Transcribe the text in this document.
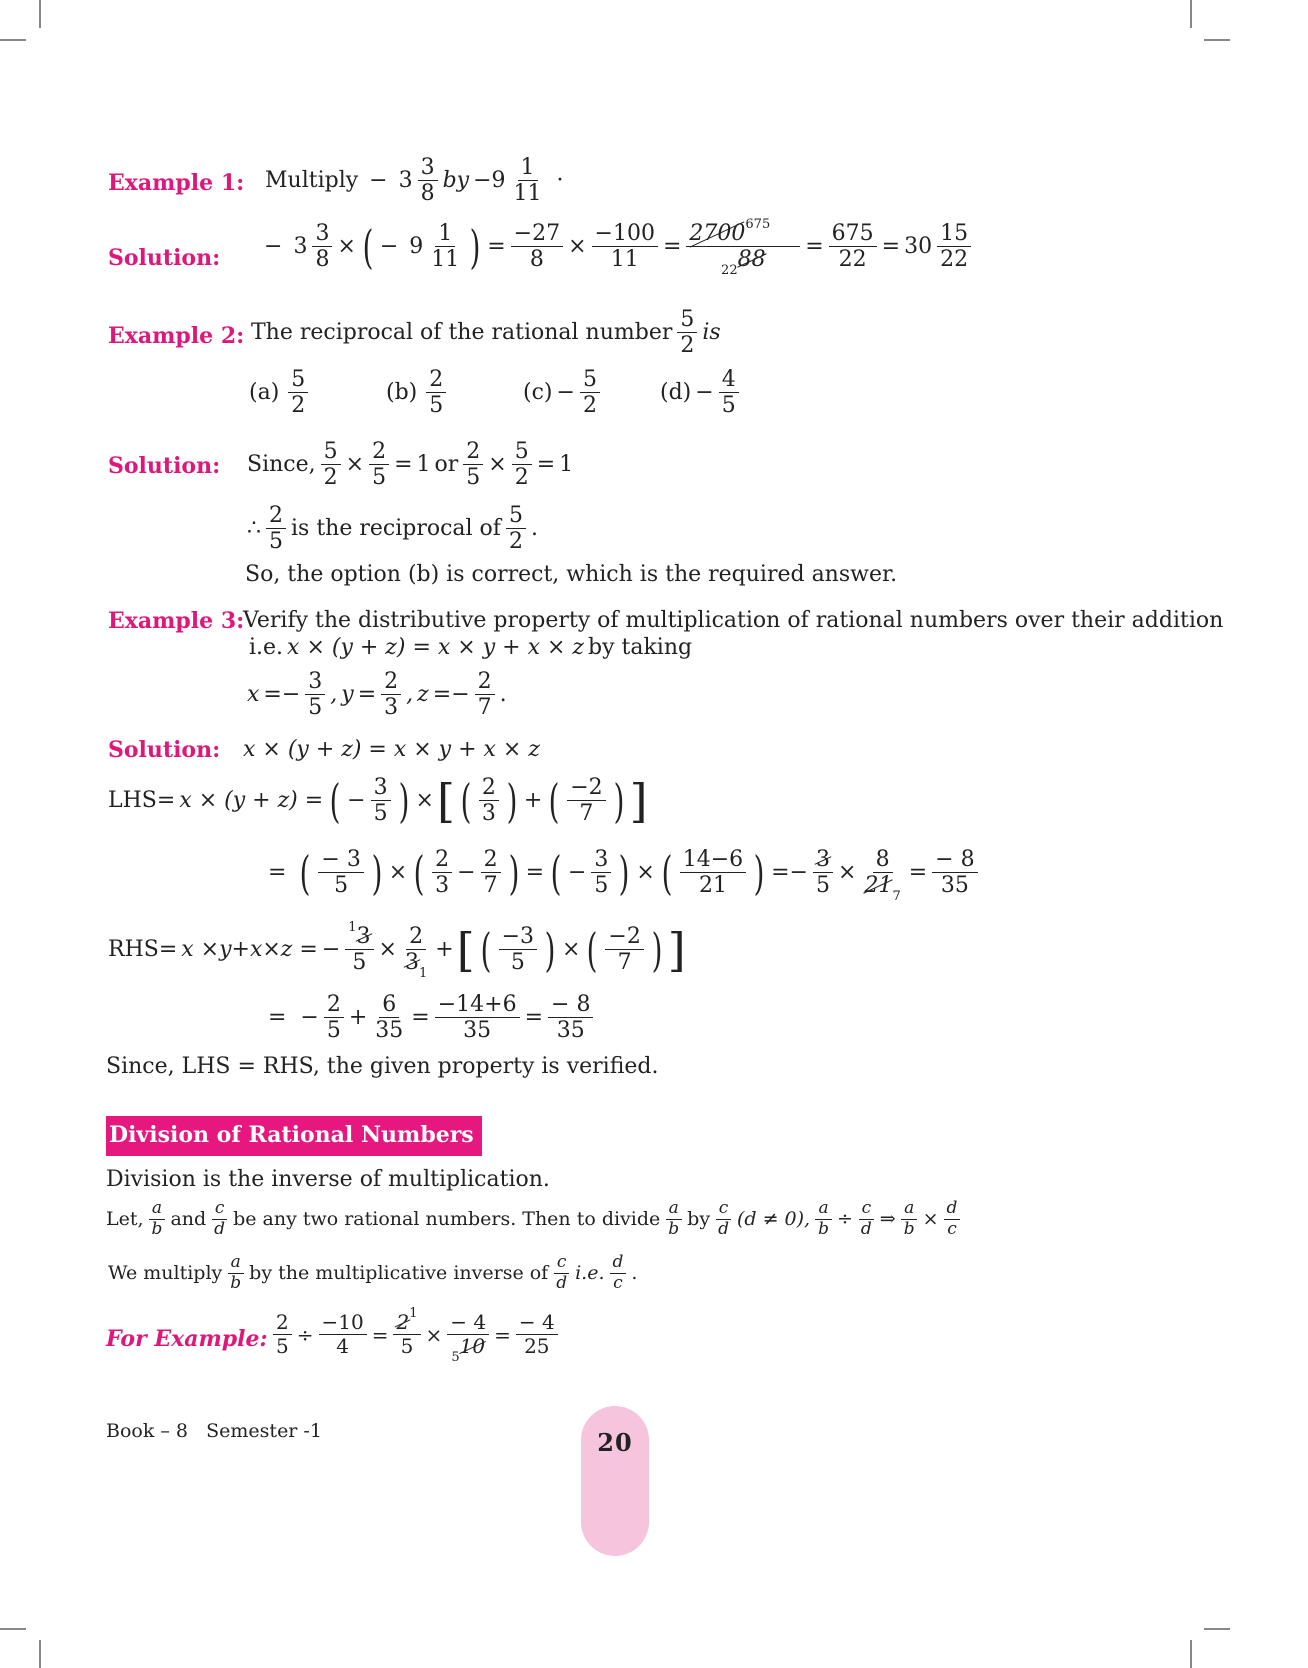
Example 1: Multiply − 3
3
8
by −9
1
11
·
Solution: − $3 \frac{3}{8}$ × ( − 9
1
11 ) = $\frac{-27}{8} \times \frac{-100}{11} = \frac{2700^{675}}{_{22}88} = \frac{675}{22} = 30$
15
22
Example 2: The reciprocal of the rational number
5
2
is
(a)
5
2
(b)
2
5
$(c) - \frac{5}{2}$	$(d) - \frac{4}{5}$
Solution: Since, $\frac{5}{2} \times \frac{2}{5} = 1$ or $\frac{2}{5} \times \frac{5}{2} = 1$
∴
2
5
is the reciprocal of
5
2
.
So, the option (b) is correct, which is the required answer.
Example 3:
Verify the distributive property of multiplication of rational numbers over their addition
i.e. x × (y + z) = x × y + x × z by taking
$x =- \frac{3}{5}$ , $y = \frac{2}{3}$ , $z =- \frac{2}{7}$ .
Solution: x × (y + z) = x × y + x × z
LHS= x × (y + z) = ( − $\frac{3}{5}$ ) × [ ( 2
3 ) + ( −2
7 ) ]
= ( − 3
5 ) × ( 2
3
− $\frac{2}{7}$ ) = ( − $\frac{3}{5}$ ) × ( 14−6
21 ) =− $\frac{3}{5} \times \frac{8}{21_7} = \frac{- 8}{35}$
RHS= x ×y+x×z = − $\frac{^13}{5} \times \frac{2}{3_1}$ + [ ( −3
5 ) × ( −2
7 ) ]
=  − $\frac{2}{5} + \frac{6}{35} = \frac{-14+6}{35} = \frac{- 8}{35}$
Since, LHS = RHS, the given property is verified.
Division of Rational Numbers
Division is the inverse of multiplication.
Let,
a
b and
c
d be any two rational numbers. Then to divide
a
b by
c
d (d ≠ 0), $\frac{a}{b} \div \frac{c}{d}$ ⇒ $\frac{a}{b} \times \frac{d}{c}$
We multiply
a
b by the multiplicative inverse of
c
d i.e.
d
c .
For Example: $\frac{2}{5} \div \frac{-10}{4} = \frac{2^1}{5} \times \frac{- 4}{_510} = \frac{- 4}{25}$
Book – 8 Semester -1	20
